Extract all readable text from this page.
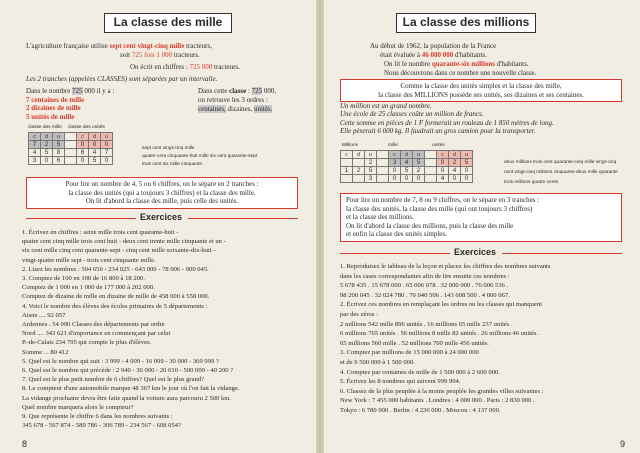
La classe des mille
L'agriculture française utilise sept cent vingt-cinq mille tracteurs,
soit 725 fois 1 000 tracteurs.
On écrit en chiffres : 725 000 tracteurs.
Les 2 tranches (appelées CLASSES) sont séparées par un intervalle.
Dans le nombre 725 000 il y a :
7 centaines de mille
2 dizaines de mille
5 unités de mille
Dans cette classe : 725 000,
on retrouve les 3 ordres :
centaines, dizaines, unités.
classe des mille classe des unités
c	d	u		c	d	u
7	2	5		0	0	0
4	5	8		6	4	7
3	0	6		0	5	0
sept cent vingt-cinq mille
quatre cent cinquante-huit mille six cent quarante-sept
trois cent six mille cinquante
Pour lire un nombre de 4, 5 ou 6 chiffres, on le sépare en 2 tranches :
la classe des unités (qui a toujours 3 chiffres) et la classe des mille.
On lit d'abord la classe des mille, puis celle des unités.
Exercices
1. Écrivez en chiffres : seize mille trois cent quarante-huit -
quatre cent cinq mille trois cent huit - deux cent trente mille cinquante et un -
six cent mille cinq cent quarante-sept - cinq cent mille soixante-dix-huit -
vingt-quatre mille sept - trois cent cinquante mille.
2. Lisez les nombres : 504 650 - 234 025 - 643 000 - 78 006 - 900 045.
3. Comptez de 100 en 100 de 16 800 à 18 200.
Comptez de 1 000 en 1 000 de 177 000 à 202 000.
Comptez de dizaine de mille en dizaine de mille de 458 000 à 558 000.
4. Voici le nombre des élèves des écoles primaires de 5 départements :
Aisne .... 92 057
Ardennes . 54 090 Classes des départements par ordre
Nord .... 343 621 d'importance en commençant par celui
P.-de-Calais 234 795 qui compte le plus d'élèves.
Somme ... 80 412
5. Quel est le nombre qui suit : 3 999 - 4 009 - 16 099 - 30 000 - 369 999 ?
6. Quel est le nombre qui précède : 2 940 - 30 000 - 20 010 - 500 000 - 40 200 ?
7. Quel est le plus petit nombre de 6 chiffres? Quel est le plus grand?
8. Le compteur d'une automobile marque 48 367 km le jour où l'on fait la vidange.
La vidange prochaine devra être faite quand la voiture aura parcouru 2 500 km.
Quel nombre marquera alors le compteur?
9. Que représente le chiffre 6 dans les nombres suivants :
345 678 - 567 874 - 589 786 - 306 789 - 234 567 - 608 054?
8
La classe des millions
Au début de 1962, la population de la France
était évaluée à 46 000 000 d'habitants.
On lit le nombre quarante-six millions d'habitants.
Nous découvrons dans ce nombre une nouvelle classe.
Comme la classe des unités simples et la classe des mille,
la classe des MILLIONS possède ses unités, ses dizaines et ses centaines.
Un million est un grand nombre.
Une école de 25 classes coûte un million de francs.
Cette somme en pièces de 1 F formerait un rouleau de 1 850 mètres de long.
Elle pèserait 6 000 kg. Il faudrait un gros camion pour la transporter.
Millions	mille	unités
c	d	u		c	d	u		c	d	u
		2		3	4	5		0	2	5
1	2	5		0	5	2		0	4	0
		3		0	0	0		4	0	0
deux millions trois cent quarante-cinq mille vingt-cinq
cent vingt-cinq millions cinquante-deux mille quarante
trois millions quatre cents
Pour lire un nombre de 7, 8 ou 9 chiffres, on le sépare en 3 tranches :
la classe des unités, la classe des mille (qui ont toujours 3 chiffres)
et la classe des millions.
On lit d'abord la classe des millions, puis la classe des mille
et enfin la classe des unités simples.
Exercices
1. Reproduisez le tableau de la leçon et placez les chiffres des nombres suivants
dans les cases correspondantes afin de lire ensuite ces nombres :
5 678 435 . 15 678 000 . 65 006 078 . 32 000 000 . 76 006 536 .
98 200 045 . 32 024 780 . 70 040 506 . 143 608 500 . 4 000 067.
2. Écrivez ces nombres en remplaçant les ordres ou les classes qui manquent
par des zéros :
2 millions 542 mille 896 unités . 16 millions 65 mille 237 unités .
6 millions 765 unités . 56 millions 8 mille 82 unités . 26 millions 46 unités .
65 millions 560 mille . 52 millions 700 mille 456 unités.
3. Comptez par millions de 15 000 000 à 24 000 000
et de 9 500 000 à 1 500 000.
4. Comptez par centaines de mille de 1 500 000 à 2 600 000.
5. Écrivez les 8 nombres qui suivent 999 994.
6. Classez de la plus peuplée à la moins peuplée les grandes villes suivantes :
New York : 7 455 000 habitants . Londres : 4 000 000 . Paris : 2 830 000 .
Tokyo : 6 780 000 . Berlin : 4 236 000 . Moscou : 4 137 000.
9
